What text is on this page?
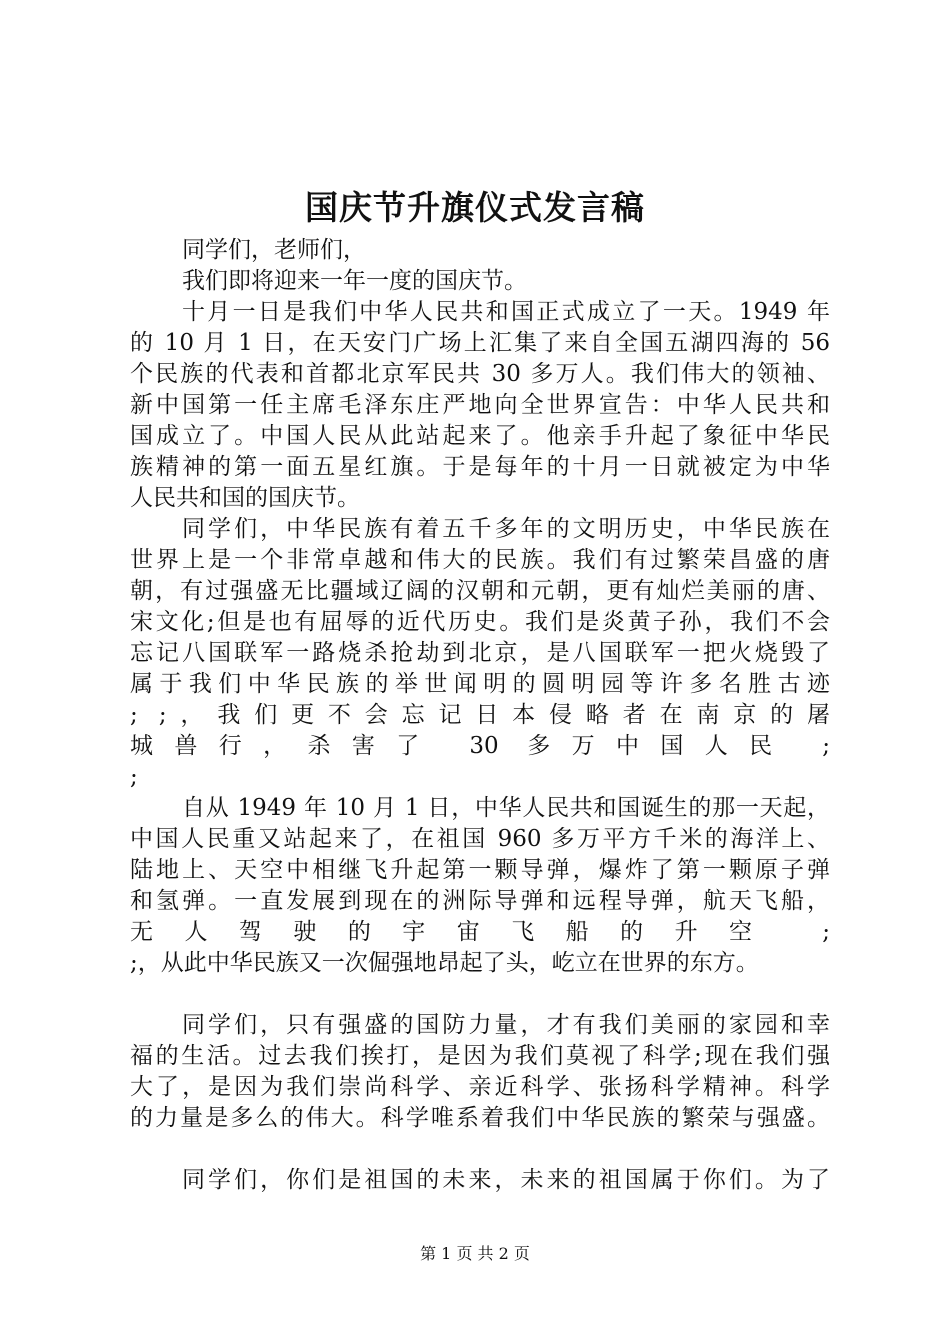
国庆节升旗仪式发言稿
同学们，老师们，
我们即将迎来一年一度的国庆节。
十月一日是我们中华人民共和国正式成立了一天。1949 年
的 10 月 1 日，在天安门广场上汇集了来自全国五湖四海的 56
个民族的代表和首都北京军民共 30 多万人。我们伟大的领袖、
新中国第一任主席毛泽东庄严地向全世界宣告：中华人民共和
国成立了。中国人民从此站起来了。他亲手升起了象征中华民
族精神的第一面五星红旗。于是每年的十月一日就被定为中华
人民共和国的国庆节。
同学们，中华民族有着五千多年的文明历史，中华民族在
世界上是一个非常卓越和伟大的民族。我们有过繁荣昌盛的唐
朝，有过强盛无比疆域辽阔的汉朝和元朝，更有灿烂美丽的唐、
宋文化;但是也有屈辱的近代历史。我们是炎黄子孙，我们不会
忘记八国联军一路烧杀抢劫到北京，是八国联军一把火烧毁了
属于我们中华民族的举世闻明的圆明园等许多名胜古迹
; ;，我们更不会忘记日本侵略者在南京的屠
城兽行，杀害了 30 多万中国人民 ;
;
自从 1949 年 10 月 1 日，中华人民共和国诞生的那一天起，
中国人民重又站起来了，在祖国 960 多万平方千米的海洋上、
陆地上、天空中相继飞升起第一颗导弹，爆炸了第一颗原子弹
和氢弹。一直发展到现在的洲际导弹和远程导弹，航天飞船，
无人驾驶的宇宙飞船的升空 ;
;，从此中华民族又一次倔强地昂起了头，屹立在世界的东方。
同学们，只有强盛的国防力量，才有我们美丽的家园和幸
福的生活。过去我们挨打，是因为我们莫视了科学;现在我们强
大了，是因为我们崇尚科学、亲近科学、张扬科学精神。科学
的力量是多么的伟大。科学唯系着我们中华民族的繁荣与强盛。
同学们，你们是祖国的未来，未来的祖国属于你们。为了
第 1 页 共 2 页
